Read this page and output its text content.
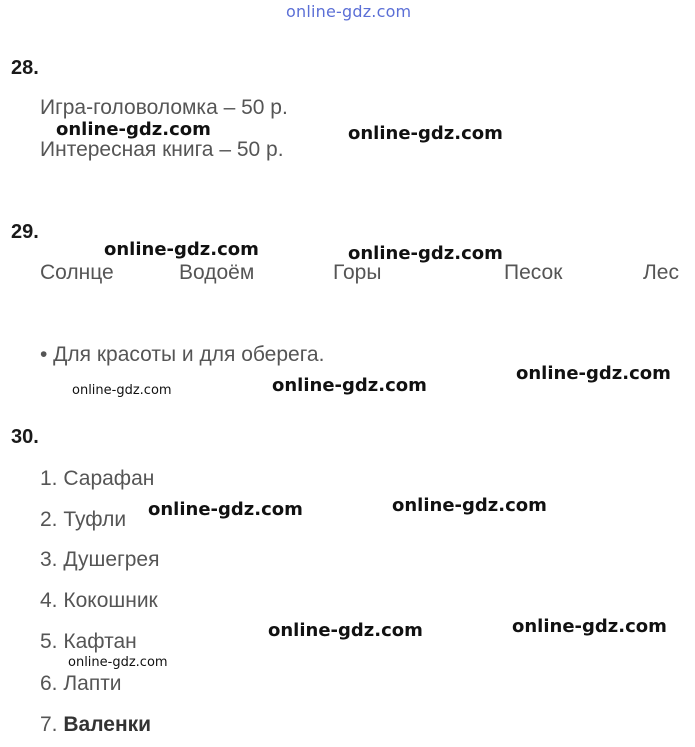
online-gdz.com
28.
Игра-головоломка – 50 р.
Интересная книга – 50 р.
29.
Солнце	Водоём	Горы	Песок	Лес
• Для красоты и для оберега.
30.
1. Сарафан
2. Туфли
3. Душегрея
4. Кокошник
5. Кафтан
6. Лапти
7. Валенки
online-gdz.com	online-gdz.com
online-gdz.com	online-gdz.com
online-gdz.com	online-gdz.com
online-gdz.com
online-gdz.com	online-gdz.com
online-gdz.com	online-gdz.com
online-gdz.com
